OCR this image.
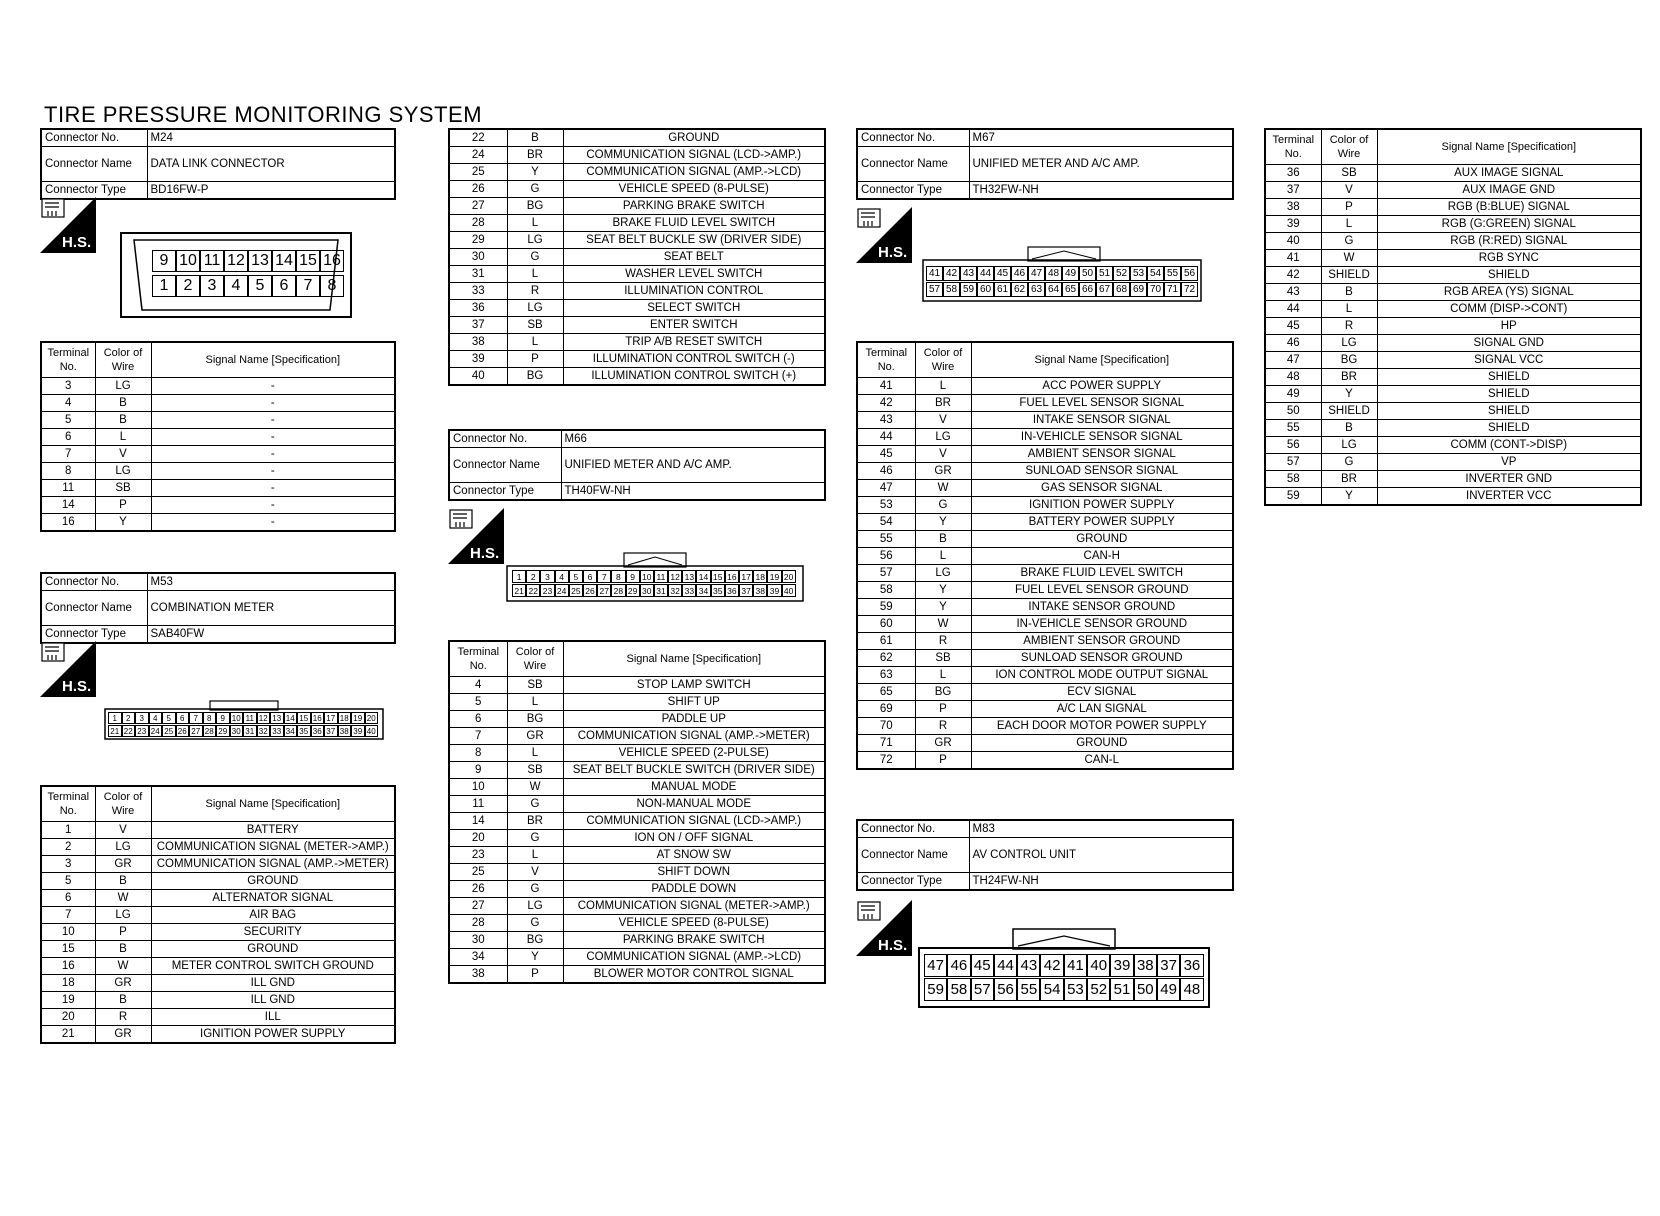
TIRE PRESSURE MONITORING SYSTEM
Connector No.	M24
Connector Name	DATA LINK CONNECTOR
Connector Type	BD16FW-P
H.S.
9 10 11 12 13 14 15 16
1 2 3 4 5 6 7 8
Terminal No.	Color of Wire	Signal Name [Specification]
3	LG	-
4	B	-
5	B	-
6	L	-
7	V	-
8	LG	-
11	SB	-
14	P	-
16	Y	-
Connector No.	M53
Connector Name	COMBINATION METER
Connector Type	SAB40FW
H.S.
1	2	3	4	5	6	7	8	9 10 11 12 13 14 15 16 17 18 19 20
21 22 23 24 25 26 27 28 29 30 31 32 33 34 35 36 37 38 39 40
Terminal No.	Color of Wire	Signal Name [Specification]
1	V	BATTERY
2	LG	COMMUNICATION SIGNAL (METER->AMP.)
3	GR	COMMUNICATION SIGNAL (AMP.->METER)
5	B	GROUND
6	W	ALTERNATOR SIGNAL
7	LG	AIR BAG
10	P	SECURITY
15	B	GROUND
16	W	METER CONTROL SWITCH GROUND
18	GR	ILL GND
19	B	ILL GND
20	R	ILL
21	GR	IGNITION POWER SUPPLY
22	B	GROUND
24	BR	COMMUNICATION SIGNAL (LCD->AMP.)
25	Y	COMMUNICATION SIGNAL (AMP.->LCD)
26	G	VEHICLE SPEED (8-PULSE)
27	BG	PARKING BRAKE SWITCH
28	L	BRAKE FLUID LEVEL SWITCH
29	LG	SEAT BELT BUCKLE SW (DRIVER SIDE)
30	G	SEAT BELT
31	L	WASHER LEVEL SWITCH
33	R	ILLUMINATION CONTROL
36	LG	SELECT SWITCH
37	SB	ENTER SWITCH
38	L	TRIP A/B RESET SWITCH
39	P	ILLUMINATION CONTROL SWITCH (-)
40	BG	ILLUMINATION CONTROL SWITCH (+)
Connector No.	M66
Connector Name	UNIFIED METER AND A/C AMP.
Connector Type	TH40FW-NH
H.S.
1	2	3	4	5	6	7	8	9 10 11 12 13 14 15 16 17 18 19 20
21 22 23 24 25 26 27 28 29 30 31 32 33 34 35 36 37 38 39 40
Terminal No.	Color of Wire	Signal Name [Specification]
4	SB	STOP LAMP SWITCH
5	L	SHIFT UP
6	BG	PADDLE UP
7	GR	COMMUNICATION SIGNAL (AMP.->METER)
8	L	VEHICLE SPEED (2-PULSE)
9	SB	SEAT BELT BUCKLE SWITCH (DRIVER SIDE)
10	W	MANUAL MODE
11	G	NON-MANUAL MODE
14	BR	COMMUNICATION SIGNAL (LCD->AMP.)
20	G	ION ON / OFF SIGNAL
23	L	AT SNOW SW
25	V	SHIFT DOWN
26	G	PADDLE DOWN
27	LG	COMMUNICATION SIGNAL (METER->AMP.)
28	G	VEHICLE SPEED (8-PULSE)
30	BG	PARKING BRAKE SWITCH
34	Y	COMMUNICATION SIGNAL (AMP.->LCD)
38	P	BLOWER MOTOR CONTROL SIGNAL
Connector No.	M67
Connector Name	UNIFIED METER AND A/C AMP.
Connector Type	TH32FW-NH
H.S.
41 42 43 44 45 46 47 48 49 50 51 52 53 54 55 56
57 58 59 60 61 62 63 64 65 66 67 68 69 70 71 72
Terminal No.	Color of Wire	Signal Name [Specification]
41	L	ACC POWER SUPPLY
42	BR	FUEL LEVEL SENSOR SIGNAL
43	V	INTAKE SENSOR SIGNAL
44	LG	IN-VEHICLE SENSOR SIGNAL
45	V	AMBIENT SENSOR SIGNAL
46	GR	SUNLOAD SENSOR SIGNAL
47	W	GAS SENSOR SIGNAL
53	G	IGNITION POWER SUPPLY
54	Y	BATTERY POWER SUPPLY
55	B	GROUND
56	L	CAN-H
57	LG	BRAKE FLUID LEVEL SWITCH
58	Y	FUEL LEVEL SENSOR GROUND
59	Y	INTAKE SENSOR GROUND
60	W	IN-VEHICLE SENSOR GROUND
61	R	AMBIENT SENSOR GROUND
62	SB	SUNLOAD SENSOR GROUND
63	L	ION CONTROL MODE OUTPUT SIGNAL
65	BG	ECV SIGNAL
69	P	A/C LAN SIGNAL
70	R	EACH DOOR MOTOR POWER SUPPLY
71	GR	GROUND
72	P	CAN-L
Connector No.	M83
Connector Name	AV CONTROL UNIT
Connector Type	TH24FW-NH
H.S.
47 46 45 44 43 42 41 40 39 38 37 36
59 58 57 56 55 54 53 52 51 50 49 48
Terminal No.	Color of Wire	Signal Name [Specification]
36	SB	AUX IMAGE SIGNAL
37	V	AUX IMAGE GND
38	P	RGB (B:BLUE) SIGNAL
39	L	RGB (G:GREEN) SIGNAL
40	G	RGB (R:RED) SIGNAL
41	W	RGB SYNC
42	SHIELD	SHIELD
43	B	RGB AREA (YS) SIGNAL
44	L	COMM (DISP->CONT)
45	R	HP
46	LG	SIGNAL GND
47	BG	SIGNAL VCC
48	BR	SHIELD
49	Y	SHIELD
50	SHIELD	SHIELD
55	B	SHIELD
56	LG	COMM (CONT->DISP)
57	G	VP
58	BR	INVERTER GND
59	Y	INVERTER VCC
